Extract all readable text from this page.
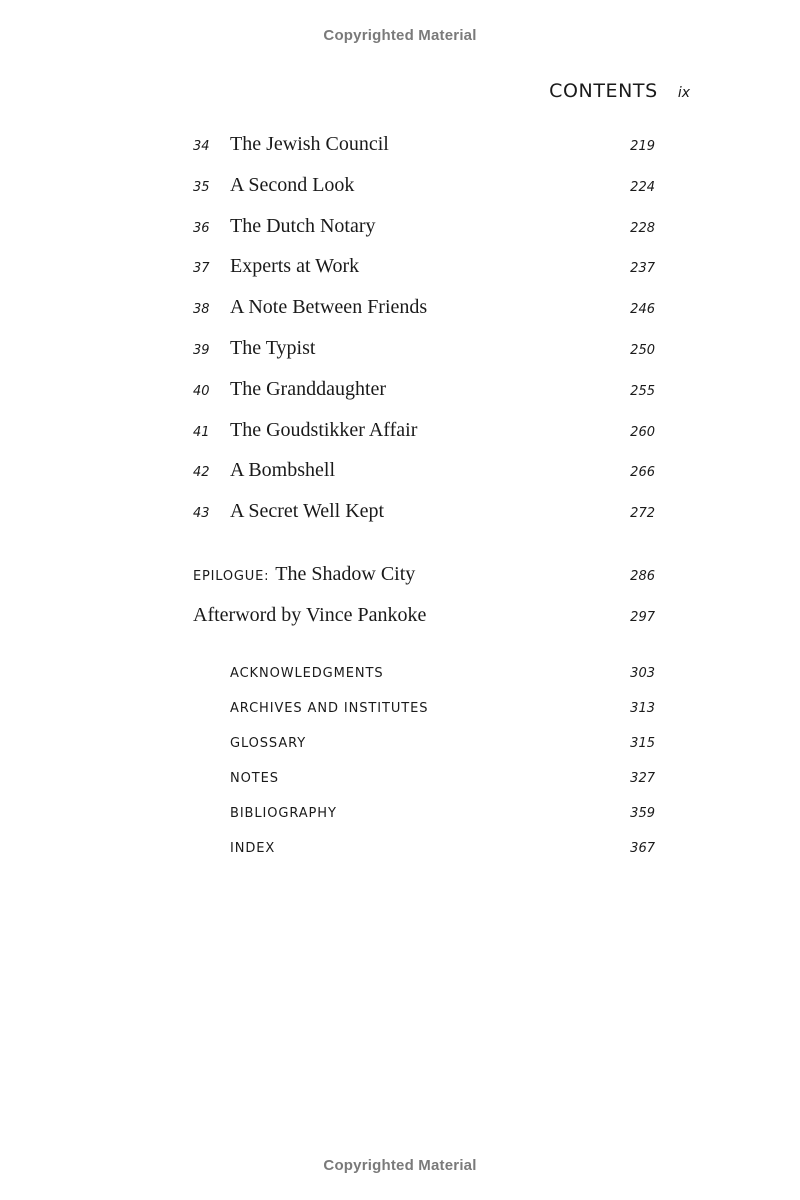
Copyrighted Material
CONTENTS ix
34 The Jewish Council	219
35 A Second Look	224
36 The Dutch Notary	228
37 Experts at Work	237
38 A Note Between Friends	246
39 The Typist	250
40 The Granddaughter	255
41 The Goudstikker Affair	260
42 A Bombshell	266
43 A Secret Well Kept	272
EPILOGUE: The Shadow City	286
Afterword by Vince Pankoke	297
ACKNOWLEDGMENTS	303
ARCHIVES AND INSTITUTES	313
GLOSSARY	315
NOTES	327
BIBLIOGRAPHY	359
INDEX	367
Copyrighted Material
